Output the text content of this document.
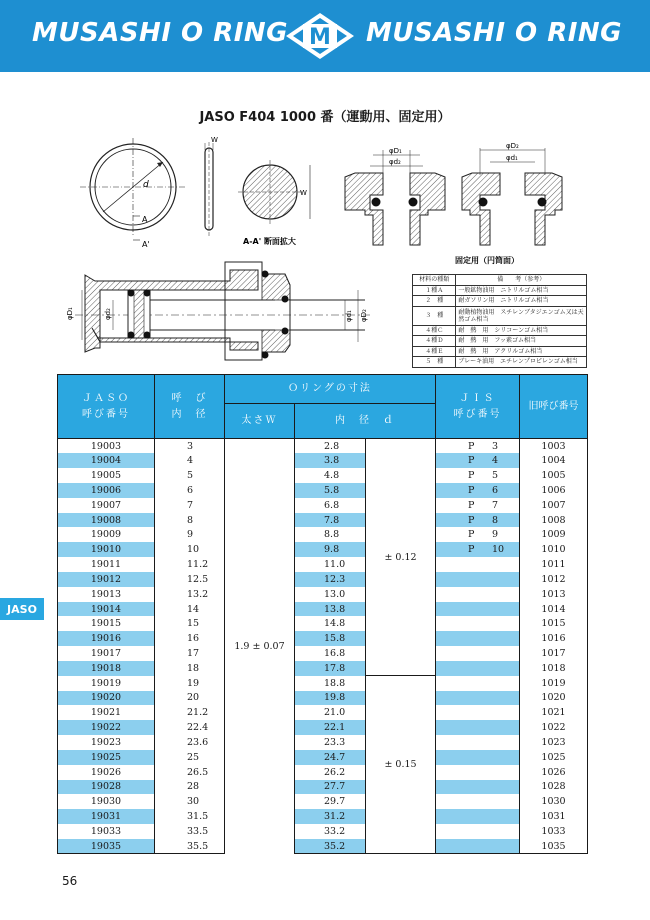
MUSASHI O RING M MUSASHI O RING
JASO F404 1000 番（運動用、固定用）
d
A
A'
W
W
A-A' 断面拡大
φD₁
φd₂
φD₂
φd₁
固定用（円筒面）
φD₁	φd₂	φd₁ φD₂
材料の種類	備　　考（参考）
１種Ａ	一般鉱物油用　ニトリルゴム相当
２　種	耐ガソリン用　ニトリルゴム相当
３　種	耐動植物油用　スチレンブタジエンゴム又は天然ゴム相当
４種Ｃ	耐　熱　用　シリコーンゴム相当
４種Ｄ	耐　熱　用　フッ素ゴム相当
４種Ｅ	耐　熱　用　アクリルゴム相当
５　種	ブレーキ油用　エチレンプロピレンゴム相当
JASO
ＪＡＳＯ
呼び番号	呼　び
内　径	Ｏリングの寸法			ＪＩＳ
呼び番号	旧呼び番号
		太さＷ	内　径　ｄ			
19003	3	1.9 ± 0.07	2.8	± 0.12	P 3	1003
19004	4		3.8		P 4	1004
19005	5		4.8		P 5	1005
19006	6		5.8		P 6	1006
19007	7		6.8		P 7	1007
19008	8		7.8		P 8	1008
19009	9		8.8		P 9	1009
19010	10		9.8		P 10	1010
19011	11.2		11.0			1011
19012	12.5		12.3			1012
19013	13.2		13.0			1013
19014	14		13.8			1014
19015	15		14.8			1015
19016	16		15.8			1016
19017	17		16.8			1017
19018	18		17.8			1018
19019	19		18.8	± 0.15		1019
19020	20		19.8			1020
19021	21.2		21.0			1021
19022	22.4		22.1			1022
19023	23.6		23.3			1023
19025	25		24.7			1025
19026	26.5		26.2			1026
19028	28		27.7			1028
19030	30		29.7			1030
19031	31.5		31.2			1031
19033	33.5		33.2			1033
19035	35.5		35.2			1035
56
